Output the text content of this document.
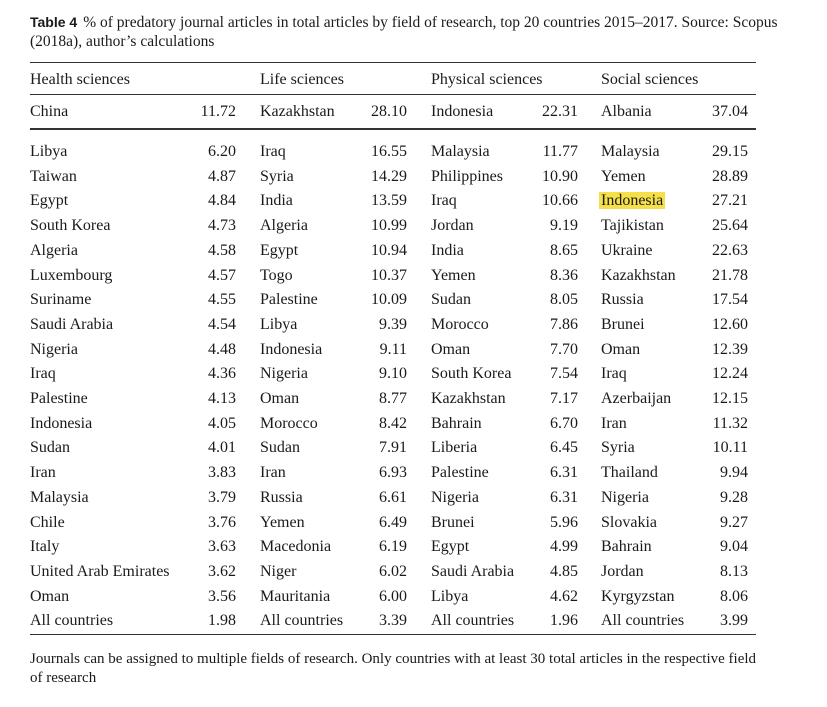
Table 4 % of predatory journal articles in total articles by field of research, top 20 countries 2015–2017. Source: Scopus (2018a), author’s calculations
Health sciences	Life sciences	Physical sciences	Social sciences
China	11.72 Kazakhstan	28.10 Indonesia	22.31 Albania	37.04
Libya	6.20 Iraq	16.55 Malaysia	11.77 Malaysia	29.15
Taiwan	4.87 Syria	14.29 Philippines	10.90 Yemen	28.89
Egypt	4.84 India	13.59 Iraq	10.66 Indonesia	27.21
South Korea	4.73 Algeria	10.99 Jordan	9.19 Tajikistan	25.64
Algeria	4.58 Egypt	10.94 India	8.65 Ukraine	22.63
Luxembourg	4.57 Togo	10.37 Yemen	8.36 Kazakhstan	21.78
Suriname	4.55 Palestine	10.09 Sudan	8.05 Russia	17.54
Saudi Arabia	4.54 Libya	9.39 Morocco	7.86 Brunei	12.60
Nigeria	4.48 Indonesia	9.11 Oman	7.70 Oman	12.39
Iraq	4.36 Nigeria	9.10 South Korea	7.54 Iraq	12.24
Palestine	4.13 Oman	8.77 Kazakhstan	7.17 Azerbaijan	12.15
Indonesia	4.05 Morocco	8.42 Bahrain	6.70 Iran	11.32
Sudan	4.01 Sudan	7.91 Liberia	6.45 Syria	10.11
Iran	3.83 Iran	6.93 Palestine	6.31 Thailand	9.94
Malaysia	3.79 Russia	6.61 Nigeria	6.31 Nigeria	9.28
Chile	3.76 Yemen	6.49 Brunei	5.96 Slovakia	9.27
Italy	3.63 Macedonia	6.19 Egypt	4.99 Bahrain	9.04
United Arab Emirates	3.62 Niger	6.02 Saudi Arabia	4.85 Jordan	8.13
Oman	3.56 Mauritania	6.00 Libya	4.62 Kyrgyzstan	8.06
All countries	1.98 All countries	3.39 All countries	1.96 All countries	3.99
Journals can be assigned to multiple fields of research. Only countries with at least 30 total articles in the respective field of research
